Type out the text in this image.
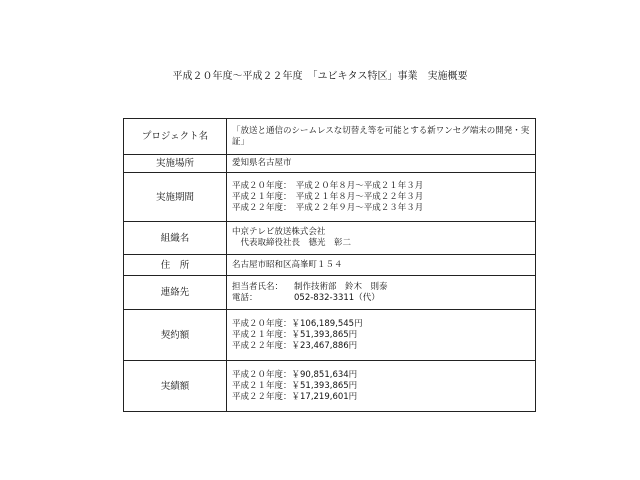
平成２０年度～平成２２年度　「ユビキタス特区」事業　実施概要
プロジェクト名	「放送と通信のシームレスな切替え等を可能とする新ワンセグ端末の開発・実証」

実施場所	愛知県名古屋市
実施期間	平成２０年度：　平成２０年８月～平成２１年３月
平成２１年度：　平成２１年８月～平成２２年３月
平成２２年度：　平成２２年９月～平成２３年３月

組織名	中京テレビ放送株式会社
　代表取締役社長　德光　彰二

住　所	名古屋市昭和区高峯町１５４
連絡先	担当者氏名： 制作技術部　鈴木　則泰
電話： 052-832-3311（代）

契約額	平成２０年度：￥106,189,545円
平成２１年度：￥51,393,865円
平成２２年度：￥23,467,886円

実績額	平成２０年度：￥90,851,634円
平成２１年度：￥51,393,865円
平成２２年度：￥17,219,601円
